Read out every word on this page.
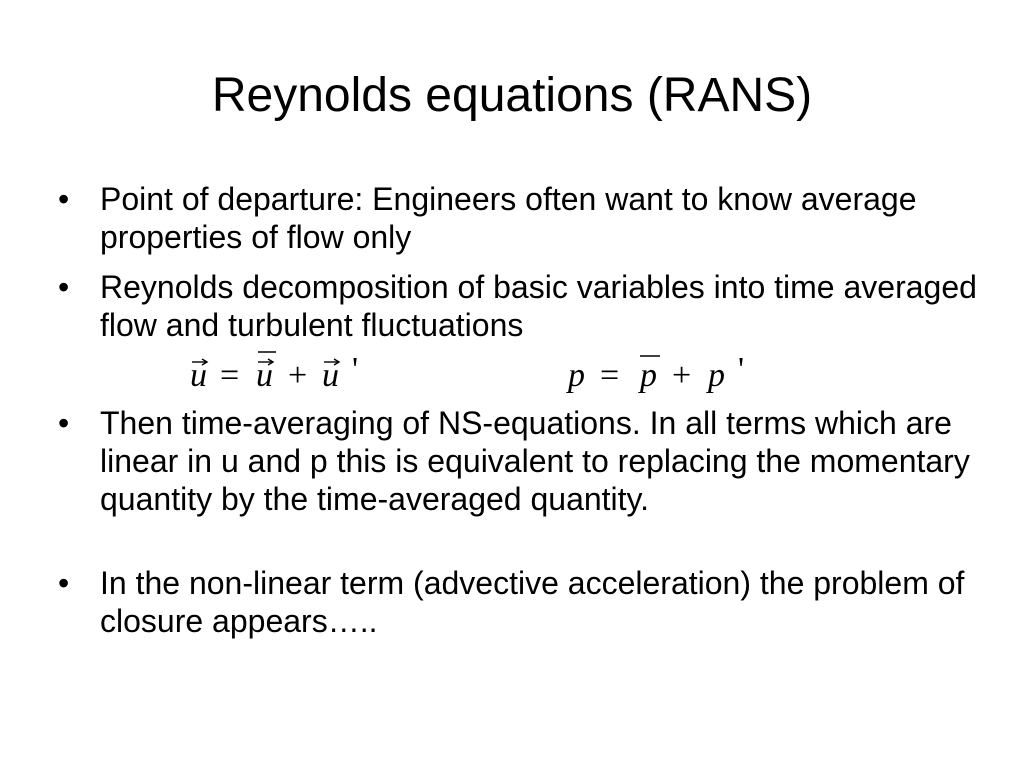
Reynolds equations (RANS)
• Point of departure: Engineers often want to know average properties of flow only
• Reynolds decomposition of basic variables into time averaged flow and turbulent fluctuations
u = u + u '	p = p + p '
• Then time-averaging of NS-equations. In all terms which are linear in u and p this is equivalent to replacing the momentary quantity by the time-averaged quantity.
• In the non-linear term (advective acceleration) the problem of closure appears…..
